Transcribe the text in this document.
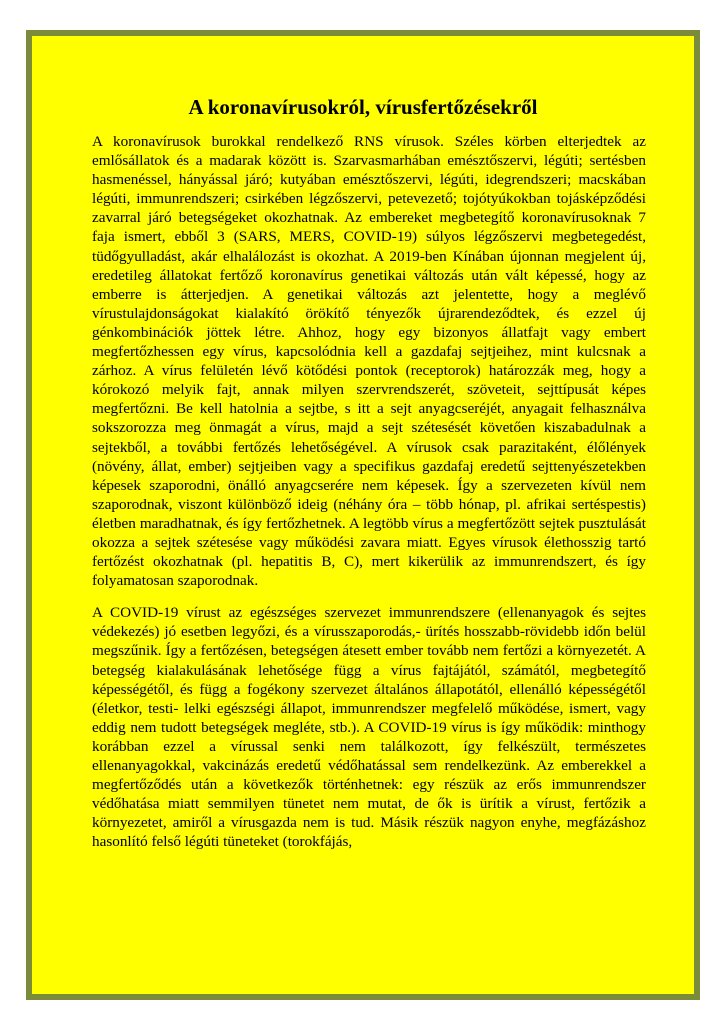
A koronavírusokról, vírusfertőzésekről

A koronavírusok burokkal rendelkező RNS vírusok. Széles körben elterjedtek az emlősállatok és a madarak között is. Szarvasmarhában emésztőszervi, légúti; sertésben hasmenéssel, hányással járó; kutyában emésztőszervi, légúti, idegrendszeri; macskában légúti, immunrendszeri; csirkében légzőszervi, petevezető; tojótyúkokban tojásképződési zavarral járó betegségeket okozhatnak. Az embereket megbetegítő koronavírusoknak 7 faja ismert, ebből 3 (SARS, MERS, COVID-19) súlyos légzőszervi megbetegedést, tüdőgyulladást, akár elhalálozást is okozhat. A 2019-ben Kínában újonnan megjelent új, eredetileg állatokat fertőző koronavírus genetikai változás után vált képessé, hogy az emberre is átterjedjen. A genetikai változás azt jelentette, hogy a meglévő vírustulajdonságokat kialakító örökítő tényezők újrarendeződtek, és ezzel új génkombinációk jöttek létre. Ahhoz, hogy egy bizonyos állatfajt vagy embert megfertőzhessen egy vírus, kapcsolódnia kell a gazdafaj sejtjeihez, mint kulcsnak a zárhoz. A vírus felületén lévő kötődési pontok (receptorok) határozzák meg, hogy a kórokozó melyik fajt, annak milyen szervrendszerét, szöveteit, sejttípusát képes megfertőzni. Be kell hatolnia a sejtbe, s itt a sejt anyagcseréjét, anyagait felhasználva sokszorozza meg önmagát a vírus, majd a sejt szétesését követően kiszabadulnak a sejtekből, a további fertőzés lehetőségével. A vírusok csak parazitaként, élőlények (növény, állat, ember) sejtjeiben vagy a specifikus gazdafaj eredetű sejttenyészetekben képesek szaporodni, önálló anyagcserére nem képesek. Így a szervezeten kívül nem szaporodnak, viszont különböző ideig (néhány óra – több hónap, pl. afrikai sertéspestis) életben maradhatnak, és így fertőzhetnek. A legtöbb vírus a megfertőzött sejtek pusztulását okozza a sejtek szétesése vagy működési zavara miatt. Egyes vírusok élethosszig tartó fertőzést okozhatnak (pl. hepatitis B, C), mert kikerülik az immunrendszert, és így folyamatosan szaporodnak.

A COVID-19 vírust az egészséges szervezet immunrendszere (ellenanyagok és sejtes védekezés) jó esetben legyőzi, és a vírusszaporodás,- ürítés hosszabb-rövidebb időn belül megszűnik. Így a fertőzésen, betegségen átesett ember tovább nem fertőzi a környezetét. A betegség kialakulásának lehetősége függ a vírus fajtájától, számától, megbetegítő képességétől, és függ a fogékony szervezet általános állapotától, ellenálló képességétől (életkor, testi- lelki egészségi állapot, immunrendszer megfelelő működése, ismert, vagy eddig nem tudott betegségek megléte, stb.). A COVID-19 vírus is így működik: minthogy korábban ezzel a vírussal senki nem találkozott, így felkészült, természetes ellenanyagokkal, vakcinázás eredetű védőhatással sem rendelkezünk. Az emberekkel a megfertőződés után a következők történhetnek: egy részük az erős immunrendszer védőhatása miatt semmilyen tünetet nem mutat, de ők is ürítik a vírust, fertőzik a környezetet, amiről a vírusgazda nem is tud. Másik részük nagyon enyhe, megfázáshoz hasonlító felső légúti tüneteket (torokfájás,
